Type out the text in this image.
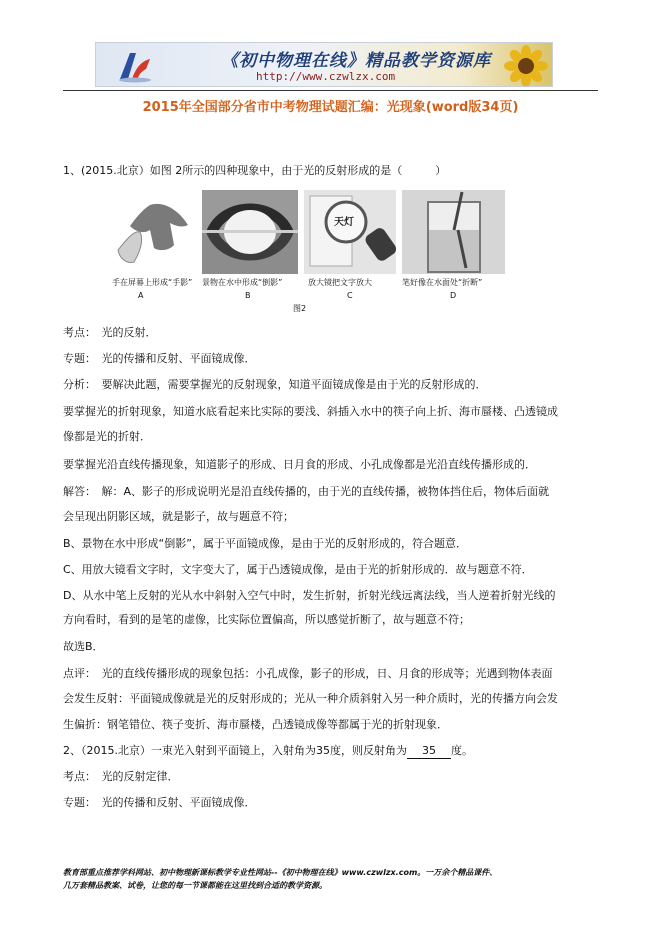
《初中物理在线》精品教学资源库
http://www.czwlzx.com
2015年全国部分省市中考物理试题汇编：光现象(word版34页)
1、(2015.北京）如图 2所示的四种现象中，由于光的反射形成的是（　　　）
天灯
手在屏幕上形成“手影” 景物在水中形成“倒影”	放大镜把文字放大	笔好像在水面处“折断”
A	B	C	D
图2
考点：　光的反射．
专题：　光的传播和反射、平面镜成像．
分析：　要解决此题，需要掌握光的反射现象，知道平面镜成像是由于光的反射形成的．
要掌握光的折射现象，知道水底看起来比实际的要浅、斜插入水中的筷子向上折、海市蜃楼、凸透镜成
像都是光的折射．
要掌握光沿直线传播现象，知道影子的形成、日月食的形成、小孔成像都是光沿直线传播形成的．
解答：　解：A、影子的形成说明光是沿直线传播的，由于光的直线传播，被物体挡住后，物体后面就
会呈现出阴影区域，就是影子，故与题意不符；
B、景物在水中形成“倒影”，属于平面镜成像，是由于光的反射形成的，符合题意．
C、用放大镜看文字时，文字变大了，属于凸透镜成像，是由于光的折射形成的．故与题意不符．
D、从水中笔上反射的光从水中斜射入空气中时，发生折射，折射光线远离法线，当人逆着折射光线的
方向看时，看到的是笔的虚像，比实际位置偏高，所以感觉折断了，故与题意不符；
故选B．
点评：　光的直线传播形成的现象包括：小孔成像，影子的形成，日、月食的形成等；光遇到物体表面
会发生反射：平面镜成像就是光的反射形成的；光从一种介质斜射入另一种介质时，光的传播方向会发
生偏折：钢笔错位、筷子变折、海市蜃楼，凸透镜成像等都属于光的折射现象．
2、（2015.北京）一束光入射到平面镜上，入射角为35度，则反射角为 35 度。
考点：　光的反射定律．
专题：　光的传播和反射、平面镜成像．
教育部重点推荐学科网站、初中物理新课标教学专业性网站--《初中物理在线》www.czwlzx.com。一万余个精品课件、
几万套精品教案、试卷，让您的每一节课都能在这里找到合适的教学资源。
